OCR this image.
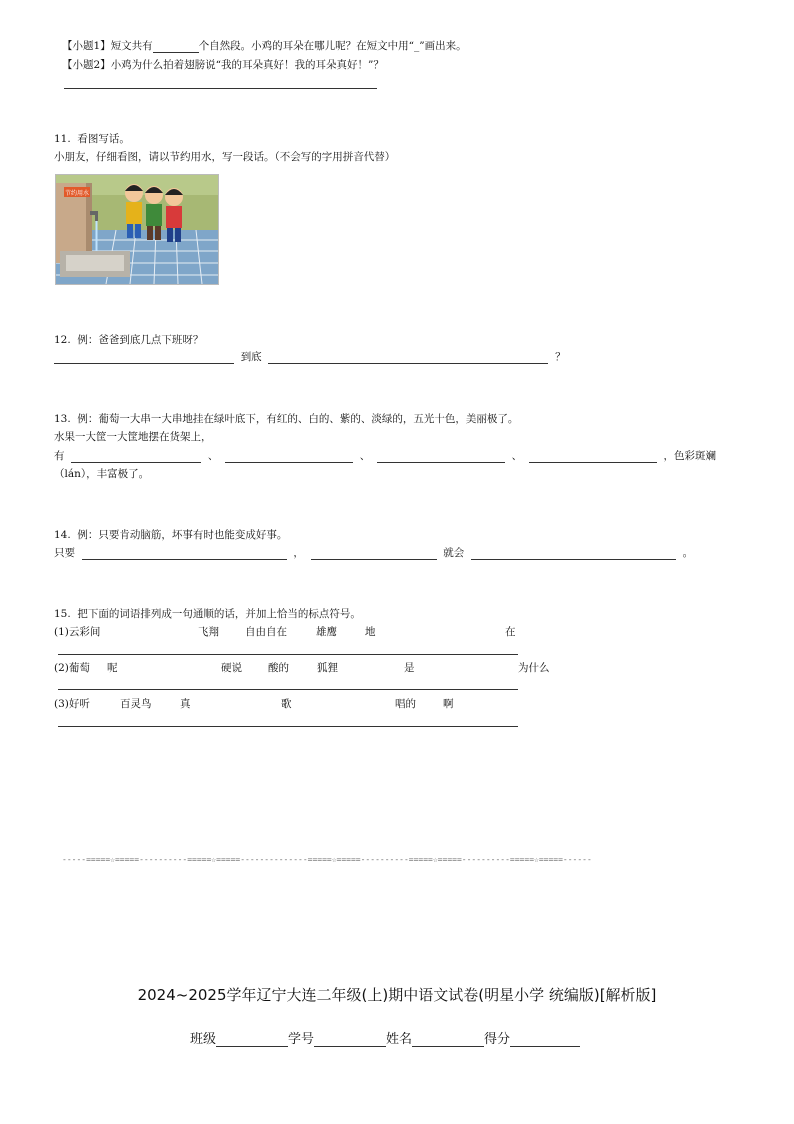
【小题1】短文共有	个自然段。小鸡的耳朵在哪儿呢？在短文中用“_”画出来。
【小题2】小鸡为什么拍着翅膀说“我的耳朵真好！我的耳朵真好！”？
11. 看图写话。
小朋友，仔细看图，请以节约用水，写一段话。（不会写的字用拼音代替）
节约用水
12. 例：爸爸到底几点下班呀？
到底	？
13. 例：葡萄一大串一大串地挂在绿叶底下，有红的、白的、紫的、淡绿的，五光十色，美丽极了。
水果一大筐一大筐地摆在货架上，
有	、	、	、	，色彩斑斓
（lán），丰富极了。
14. 例：只要肯动脑筋，坏事有时也能变成好事。
只要	，	就会	。
15. 把下面的词语排列成一句通顺的话，并加上恰当的标点符号。
(1)云彩间	飞翔 自由自在	雄鹰	地	在
(2)葡萄 呢	硬说 酸的	狐狸	是	为什么
(3)好听	百灵鸟	真	歌	唱的	啊
-----=====☆=====----------=====☆=====--------------=====☆=====----------=====☆=====----------=====☆=====------
2024~2025学年辽宁大连二年级(上)期中语文试卷(明星小学 统编版)[解析版]
班级	学号	姓名	得分
